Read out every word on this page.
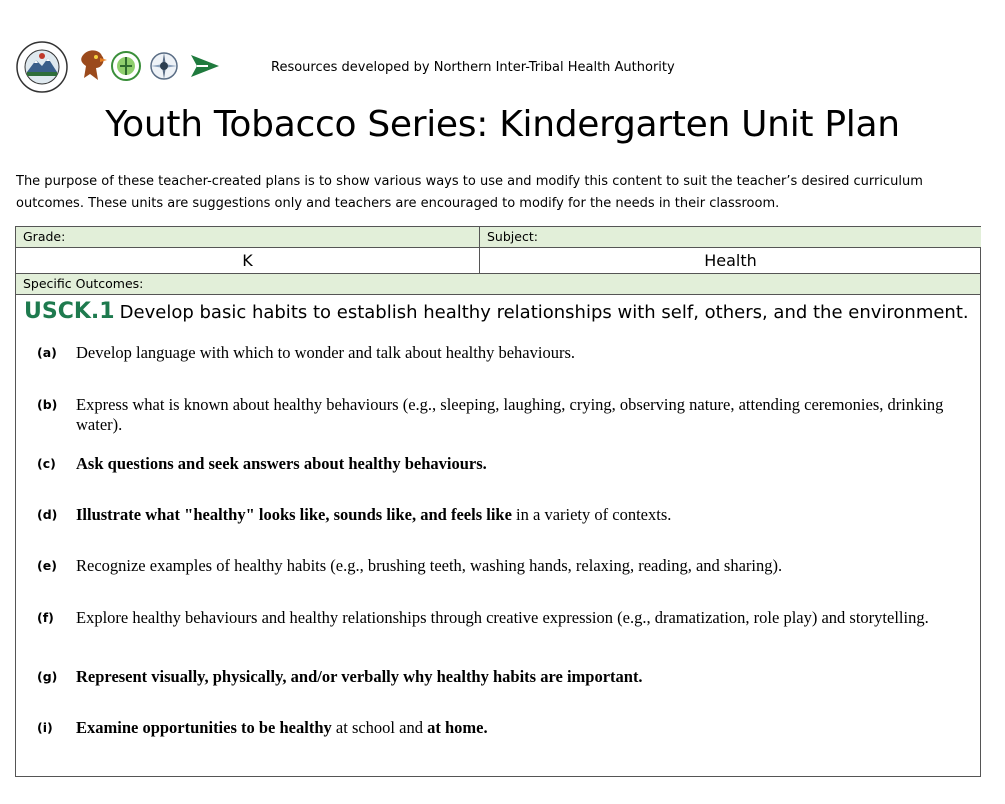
Resources developed by Northern Inter-Tribal Health Authority
Youth Tobacco Series: Kindergarten Unit Plan

The purpose of these teacher-created plans is to show various ways to use and modify this content to suit the teacher’s desired curriculum outcomes. These units are suggestions only and teachers are encouraged to modify for the needs in their classroom.

Grade:	Subject:
K	Health
Specific Outcomes:
USCK.1 Develop basic habits to establish healthy relationships with self, others, and the environment.
(a) Develop language with which to wonder and talk about healthy behaviours.
(b) Express what is known about healthy behaviours (e.g., sleeping, laughing, crying, observing nature, attending ceremonies, drinking water).
(c) Ask questions and seek answers about healthy behaviours.
(d) Illustrate what "healthy" looks like, sounds like, and feels like in a variety of contexts.
(e) Recognize examples of healthy habits (e.g., brushing teeth, washing hands, relaxing, reading, and sharing).
(f) Explore healthy behaviours and healthy relationships through creative expression (e.g., dramatization, role play) and storytelling.
(g) Represent visually, physically, and/or verbally why healthy habits are important.
(i) Examine opportunities to be healthy at school and at home.
